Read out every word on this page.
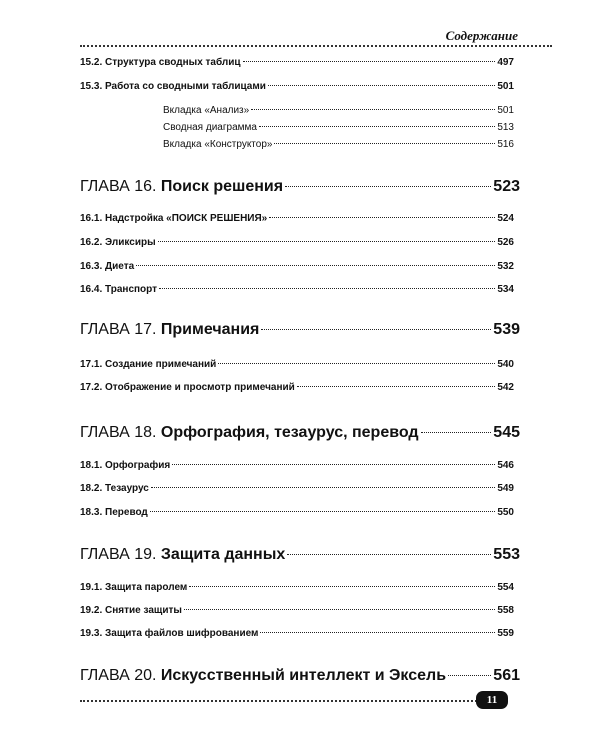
Содержание
15.2. Структура сводных таблиц	497
15.3. Работа со сводными таблицами	501
Вкладка «Анализ»	501
Сводная диаграмма	513
Вкладка «Конструктор»	516
ГЛАВА 16. Поиск решения	523
16.1. Надстройка «ПОИСК РЕШЕНИЯ»	524
16.2. Эликсиры	526
16.3. Диета	532
16.4. Транспорт	534
ГЛАВА 17. Примечания	539
17.1. Создание примечаний	540
17.2. Отображение и просмотр примечаний	542
ГЛАВА 18. Орфография, тезаурус, перевод	545
18.1. Орфография	546
18.2. Тезаурус	549
18.3. Перевод	550
ГЛАВА 19. Защита данных	553
19.1. Защита паролем	554
19.2. Снятие защиты	558
19.3. Защита файлов шифрованием	559
ГЛАВА 20. Искусственный интеллект и Эксель	561
11
